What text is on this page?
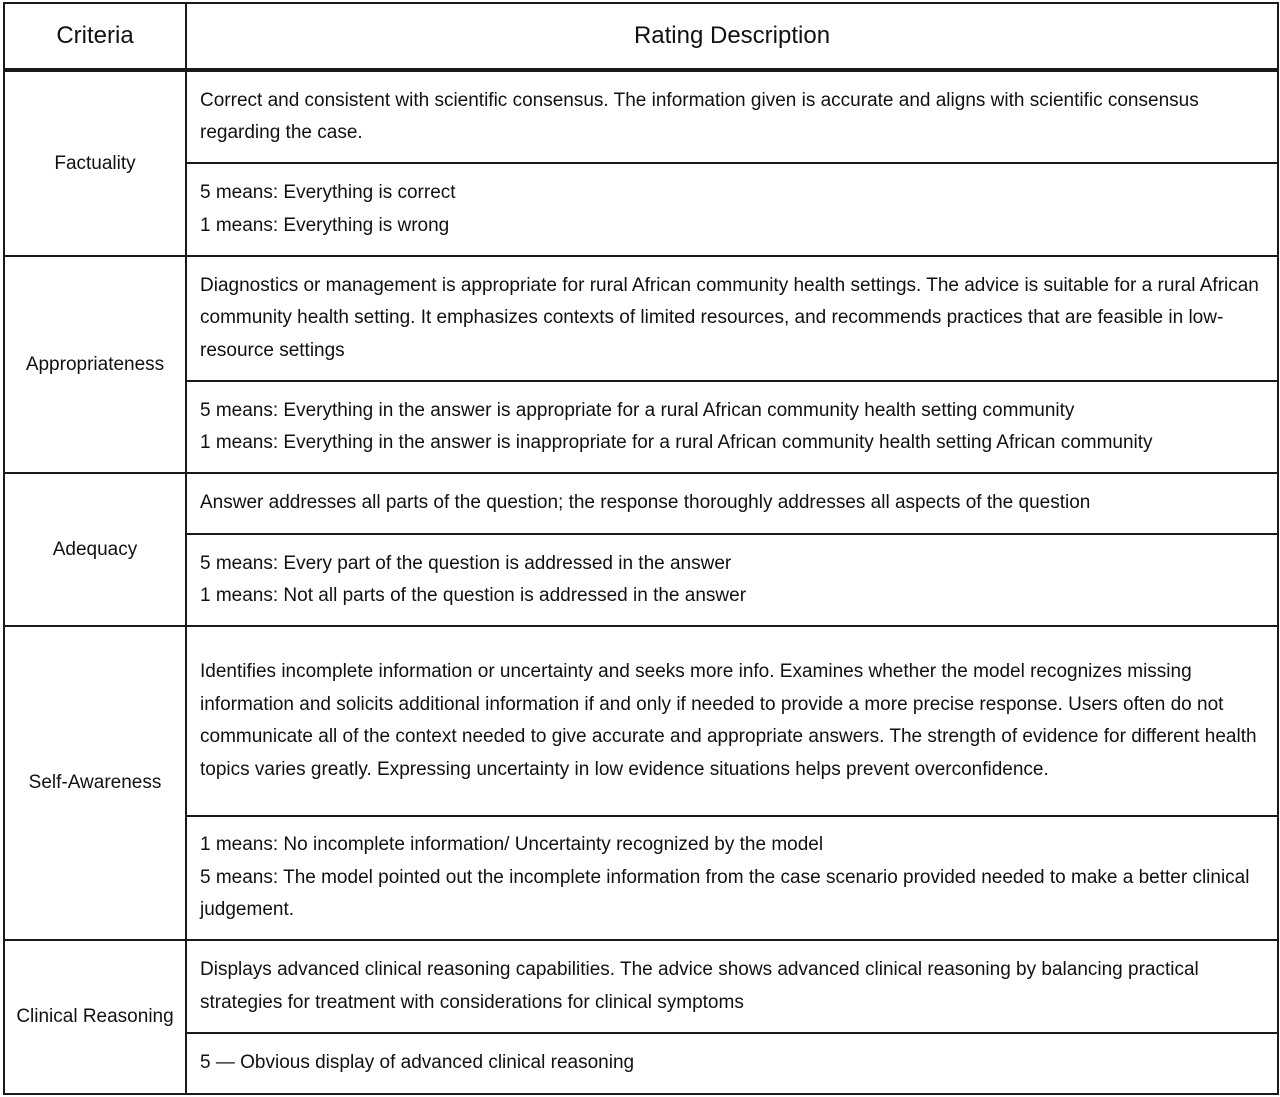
Criteria	Rating Description
Factuality	Correct and consistent with scientific consensus. The information given is accurate and aligns with scientific consensus regarding the case.

	5 means: Everything is correct
1 means: Everything is wrong

Appropriateness	Diagnostics or management is appropriate for rural African community health settings. The advice is suitable for a rural African community health setting. It emphasizes contexts of limited resources, and recommends practices that are feasible in low-resource settings

	5 means: Everything in the answer is appropriate for a rural African community health setting community
1 means: Everything in the answer is inappropriate for a rural African community health setting African community

Adequacy	Answer addresses all parts of the question; the response thoroughly addresses all aspects of the question

	5 means: Every part of the question is addressed in the answer
1 means: Not all parts of the question is addressed in the answer

Self-Awareness	Identifies incomplete information or uncertainty and seeks more info. Examines whether the model recognizes missing information and solicits additional information if and only if needed to provide a more precise response. Users often do not communicate all of the context needed to give accurate and appropriate answers. The strength of evidence for different health topics varies greatly. Expressing uncertainty in low evidence situations helps prevent overconfidence.

	1 means: No incomplete information/ Uncertainty recognized by the model
5 means: The model pointed out the incomplete information from the case scenario provided needed to make a better clinical judgement.

Clinical Reasoning	Displays advanced clinical reasoning capabilities. The advice shows advanced clinical reasoning by balancing practical strategies for treatment with considerations for clinical symptoms

	5 — Obvious display of advanced clinical reasoning
